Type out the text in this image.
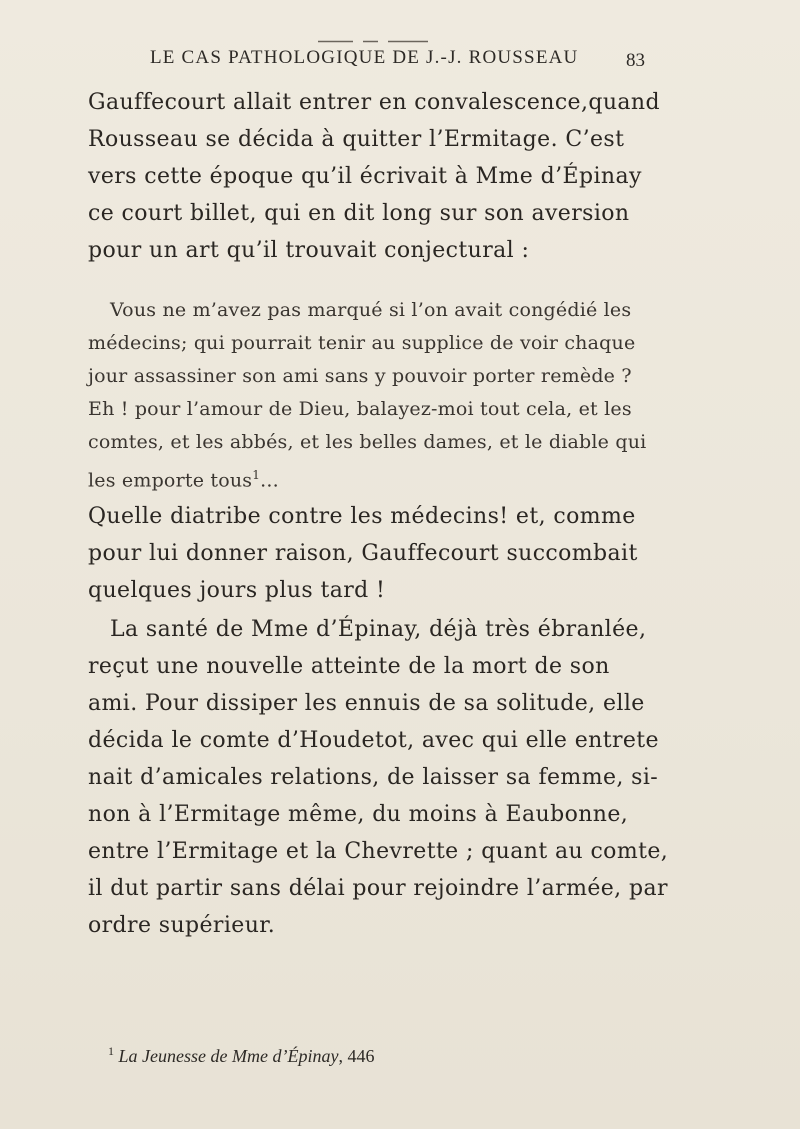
LE CAS PATHOLOGIQUE DE J.-J. ROUSSEAU	83
Gauffecourt allait entrer en convalescence,quand
Rousseau se décida à quitter l’Ermitage. C’est
vers cette époque qu’il écrivait à Mme d’Épinay
ce court billet, qui en dit long sur son aversion
pour un art qu’il trouvait conjectural :
Vous ne m’avez pas marqué si l’on avait congédié les
médecins; qui pourrait tenir au supplice de voir chaque
jour assassiner son ami sans y pouvoir porter remède ?
Eh ! pour l’amour de Dieu, balayez-moi tout cela, et les
comtes, et les abbés, et les belles dames, et le diable qui
les emporte tous$^1$...
Quelle diatribe contre les médecins! et, comme
pour lui donner raison, Gauffecourt succombait
quelques jours plus tard !
La santé de Mme d’Épinay, déjà très ébranlée,
reçut une nouvelle atteinte de la mort de son
ami. Pour dissiper les ennuis de sa solitude, elle
décida le comte d’Houdetot, avec qui elle entrete
nait d’amicales relations, de laisser sa femme, si-
non à l’Ermitage même, du moins à Eaubonne,
entre l’Ermitage et la Chevrette ; quant au comte,
il dut partir sans délai pour rejoindre l’armée, par
ordre supérieur.
$^1$ La Jeunesse de Mme d’Épinay, 446
